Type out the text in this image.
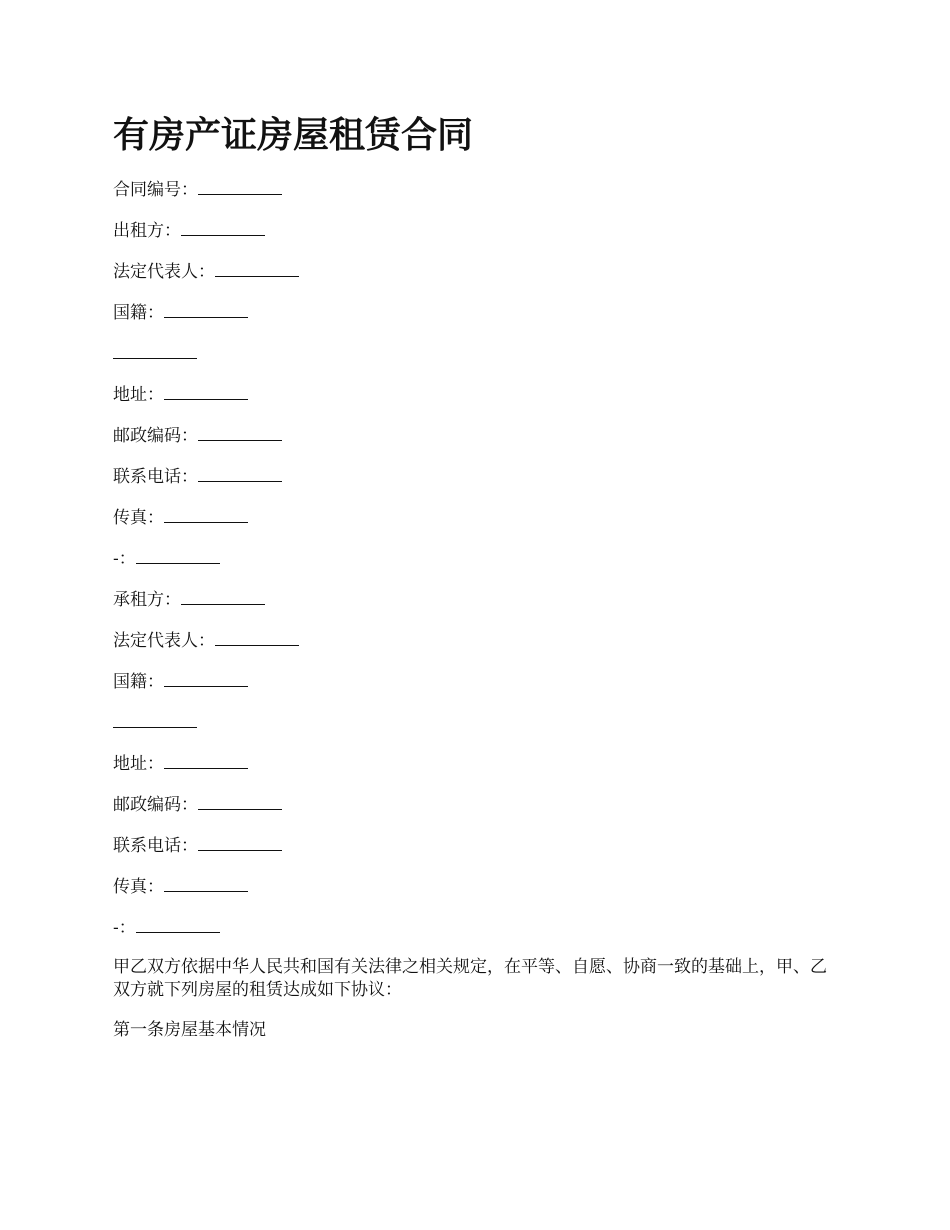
有房产证房屋租赁合同
合同编号：
出租方：
法定代表人：
国籍：
地址：
邮政编码：
联系电话：
传真：
-：
承租方：
法定代表人：
国籍：
地址：
邮政编码：
联系电话：
传真：
-：

甲乙双方依据中华人民共和国有关法律之相关规定，在平等、自愿、协商一致的基础上，甲、乙双方就下列房屋的租赁达成如下协议：

第一条房屋基本情况
